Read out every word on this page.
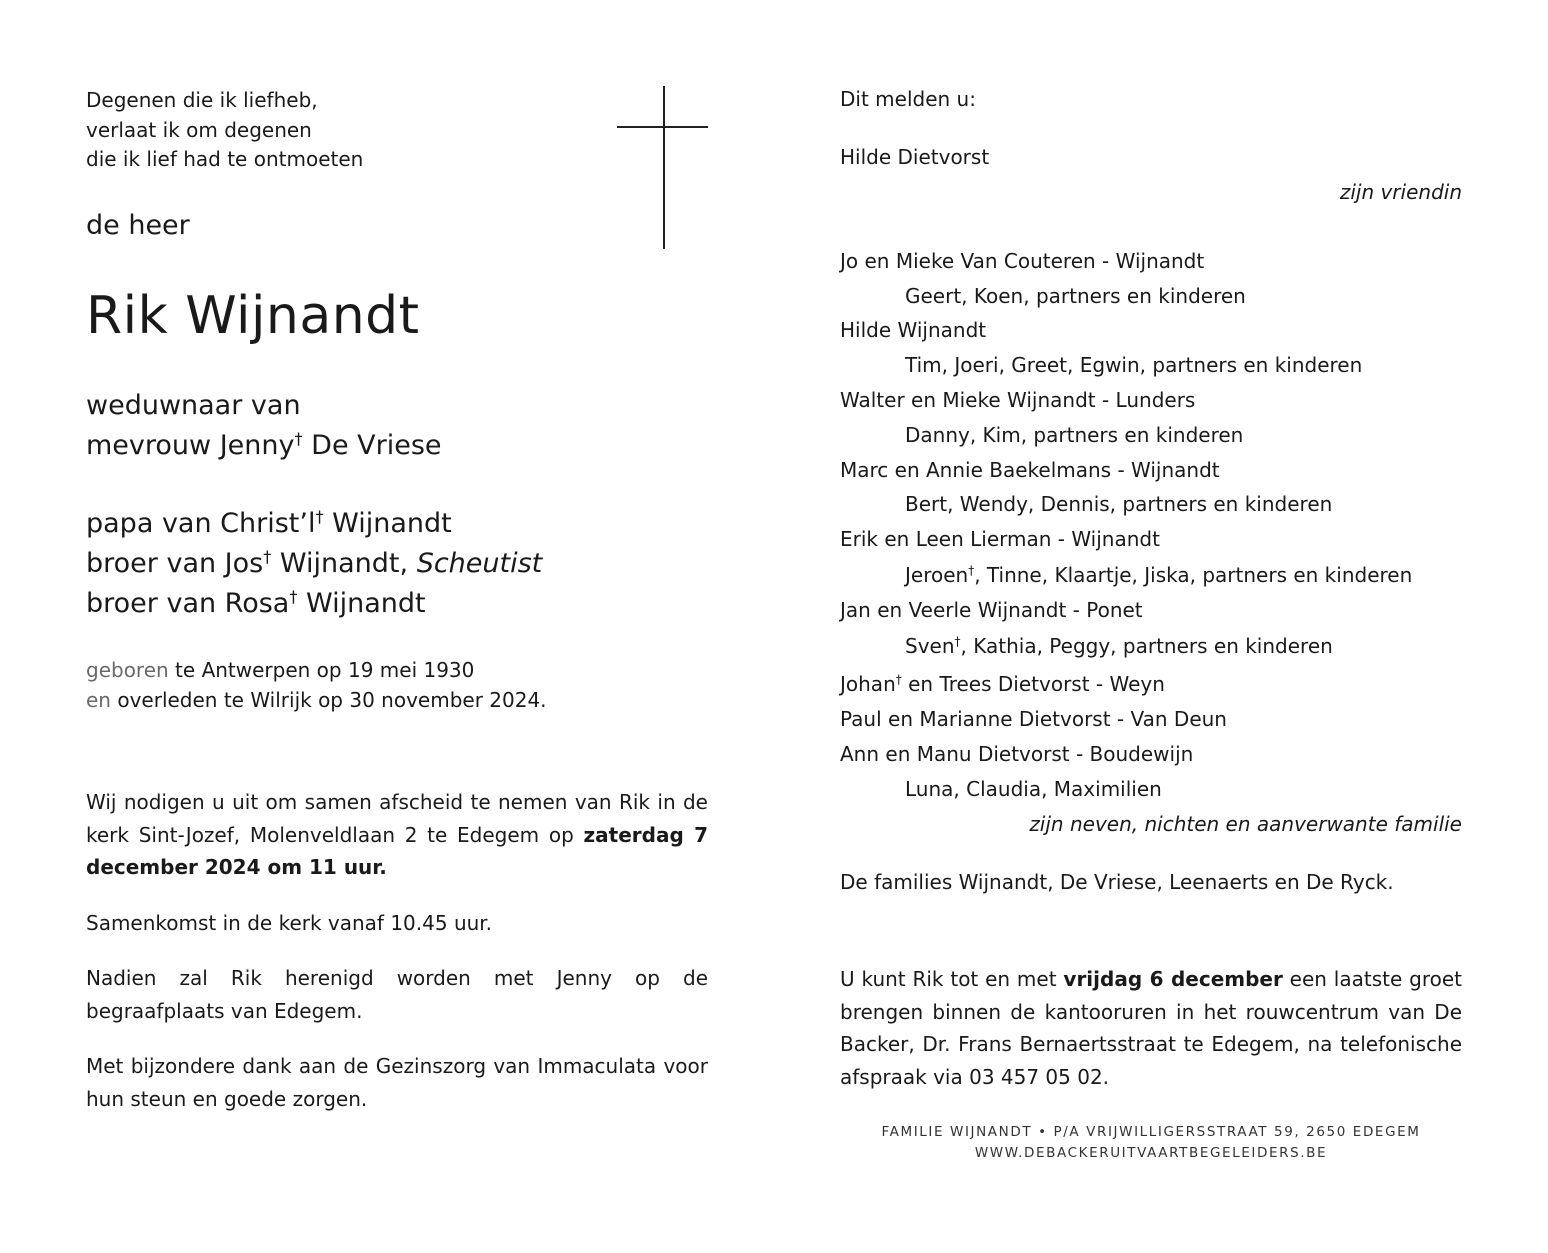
Degenen die ik liefheb,
verlaat ik om degenen
die ik lief had te ontmoeten
de heer
Rik Wijnandt
weduwnaar van
mevrouw Jenny† De Vriese
papa van Christ’l† Wijnandt
broer van Jos† Wijnandt, Scheutist
broer van Rosa† Wijnandt
geboren te Antwerpen op 19 mei 1930
en overleden te Wilrijk op 30 november 2024.
Wij nodigen u uit om samen afscheid te nemen van Rik in de kerk Sint-Jozef, Molenveldlaan 2 te Edegem op zaterdag 7 december 2024 om 11 uur.
Samenkomst in de kerk vanaf 10.45 uur.
Nadien zal Rik herenigd worden met Jenny op de begraafplaats van Edegem.
Met bijzondere dank aan de Gezinszorg van Immaculata voor hun steun en goede zorgen.
Dit melden u:
Hilde Dietvorst
zijn vriendin
Jo en Mieke Van Couteren - Wijnandt
Geert, Koen, partners en kinderen
Hilde Wijnandt
Tim, Joeri, Greet, Egwin, partners en kinderen
Walter en Mieke Wijnandt - Lunders
Danny, Kim, partners en kinderen
Marc en Annie Baekelmans - Wijnandt
Bert, Wendy, Dennis, partners en kinderen
Erik en Leen Lierman - Wijnandt
Jeroen†, Tinne, Klaartje, Jiska, partners en kinderen
Jan en Veerle Wijnandt - Ponet
Sven†, Kathia, Peggy, partners en kinderen
Johan† en Trees Dietvorst - Weyn
Paul en Marianne Dietvorst - Van Deun
Ann en Manu Dietvorst - Boudewijn
Luna, Claudia, Maximilien
zijn neven, nichten en aanverwante familie
De families Wijnandt, De Vriese, Leenaerts en De Ryck.
U kunt Rik tot en met vrijdag 6 december een laatste groet brengen binnen de kantooruren in het rouwcentrum van De Backer, Dr. Frans Bernaertsstraat te Edegem, na telefonische afspraak via 03 457 05 02.
FAMILIE WIJNANDT • P/A VRIJWILLIGERSSTRAAT 59, 2650 EDEGEM
WWW.DEBACKERUITVAARTBEGELEIDERS.BE
